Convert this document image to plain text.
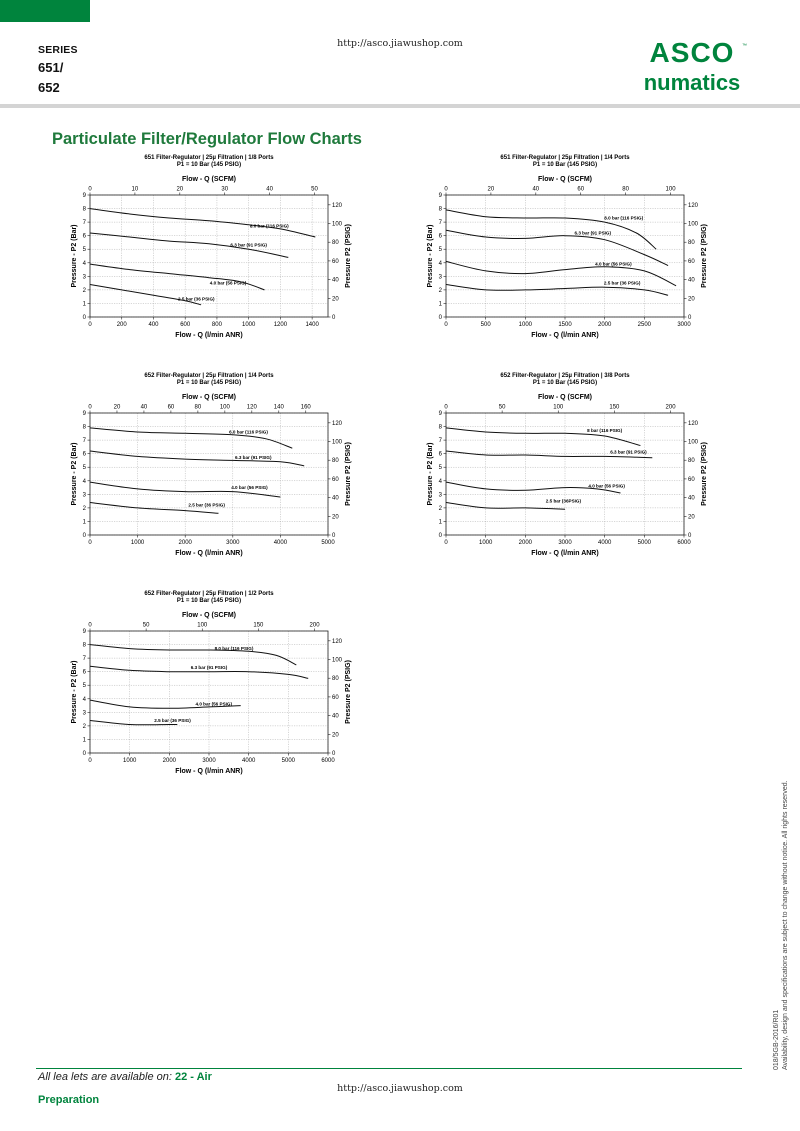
SERIES
651/
652
http://asco.jiawushop.com	ASCO
numatics
™
Particulate Filter/Regulator Flow Charts
651 Filter-Regulator | 25µ Filtration | 1/8 Ports
P1 = 10 Bar (145 PSIG)
Flow - Q (SCFM)
Flow - Q (l/min ANR)
Pressure - P2 (Bar)	Pressure P2 (PSIG)
0	200	400	600	800	1000	1200	1400
0	10	20	30	40	50
0
1
2
3
4
5
6
7
8
9
0
20
40
60
80
100
120
8.0 bar (116 PSIG)
6.3 bar (91 PSIG)
4.0 bar (56 PSIG)
2.5 bar (36 PSIG)
651 Filter-Regulator | 25µ Filtration | 1/4 Ports
P1 = 10 Bar (145 PSIG)
Flow - Q (SCFM)
Flow - Q (l/min ANR)
Pressure - P2 (Bar)	Pressure P2 (PSIG)
0	500	1000	1500	2000	2500	3000
0	20	40	60	80	100
0
1
2
3
4
5
6
7
8
9
0
20
40
60
80
100
120
8.0 bar (116 PSIG)
6.3 bar (91 PSIG)
4.0 bar (56 PSIG)
2.5 bar (36 PSIG)
652 Filter-Regulator | 25µ Filtration | 1/4 Ports
P1 = 10 Bar (145 PSIG)
Flow - Q (SCFM)
Flow - Q (l/min ANR)
Pressure - P2 (Bar)	Pressure P2 (PSIG)
0	1000	2000	3000	4000	5000
0	20	40	60	80	100	120	140	160
0
1
2
3
4
5
6
7
8
9
0
20
40
60
80
100
120
6.0 bar (116 PSIG)
6.3 bar (91 PSIG)
4.0 bar (56 PSIG)
2.5 bar (36 PSIG)
652 Filter-Regulator | 25µ Filtration | 3/8 Ports
P1 = 10 Bar (145 PSIG)
Flow - Q (SCFM)
Flow - Q (l/min ANR)
Pressure - P2 (Bar)	Pressure P2 (PSIG)
0	1000	2000	3000	4000	5000	6000
0	50	100	150	200
0
1
2
3
4
5
6
7
8
9
0
20
40
60
80
100
120
8 bar (116 PSIG)
6.3 bar (91 PSIG)
4.0 bar (56 PSIG)
2.5 bar (36PSIG)
652 Filter-Regulator | 25µ Filtration | 1/2 Ports
P1 = 10 Bar (145 PSIG)
Flow - Q (SCFM)
Flow - Q (l/min ANR)
Pressure - P2 (Bar)	Pressure P2 (PSIG)
0	1000	2000	3000	4000	5000	6000
0	50	100	150	200
0
1
2
3
4
5
6
7
8
9
0
20
40
60
80
100
120
8.0 bar (116 PSIG)
6.3 bar (91 PSIG)
4.0 bar (56 PSIG)
2.5 bar (36 PSIG)
018/5GB-2016/R01 Availability, design and specifications are subject to change without notice. All rights reserved.
All lea lets are available on: 22 - Air
http://asco.jiawushop.com
Preparation
